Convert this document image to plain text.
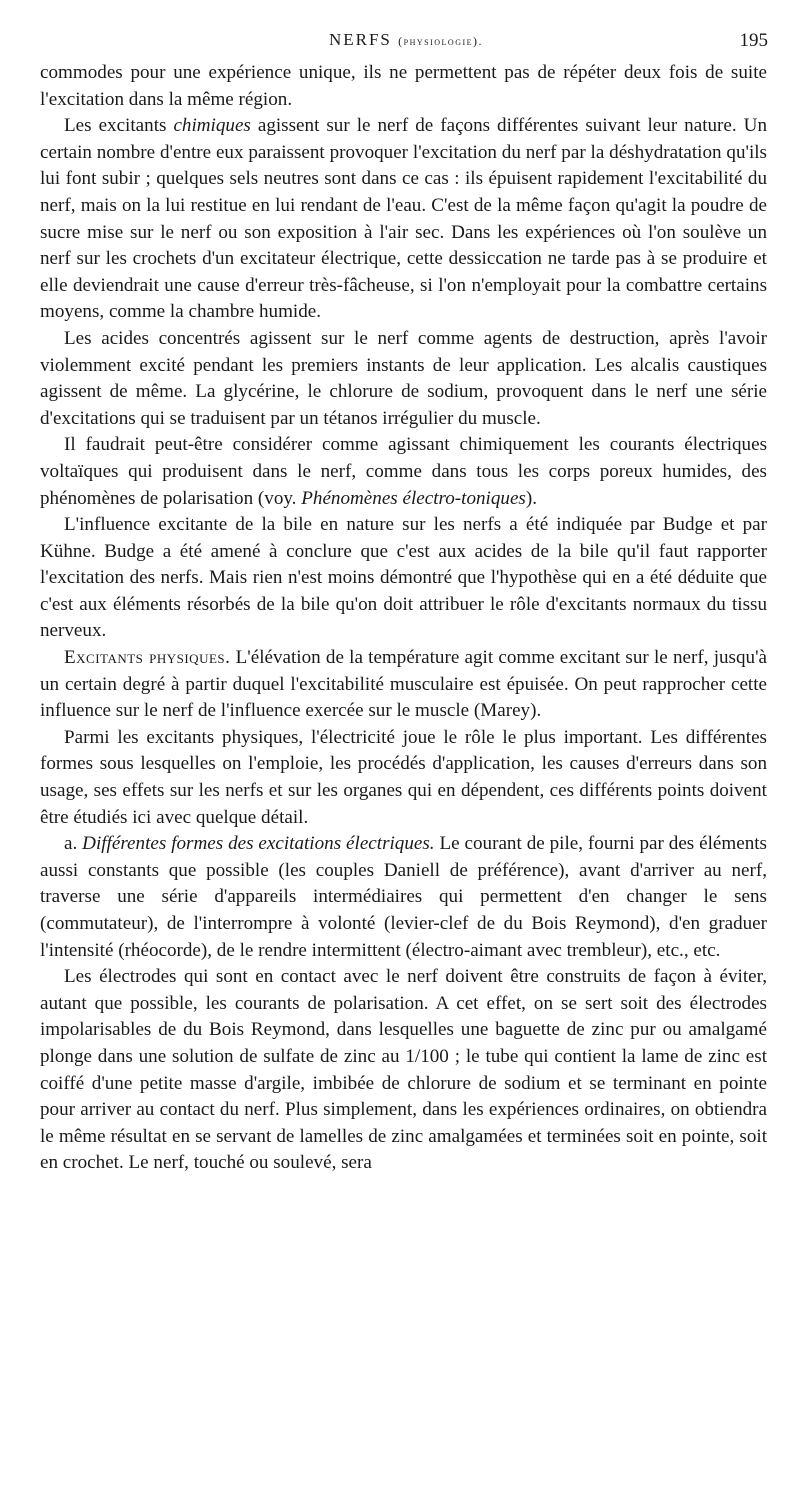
NERFS (physiologie).	195

commodes pour une expérience unique, ils ne permettent pas de répéter deux fois de suite l'excitation dans la même région.

Les excitants chimiques agissent sur le nerf de façons différentes suivant leur nature. Un certain nombre d'entre eux paraissent provoquer l'excitation du nerf par la déshydratation qu'ils lui font subir ; quelques sels neutres sont dans ce cas : ils épuisent rapidement l'excitabilité du nerf, mais on la lui restitue en lui rendant de l'eau. C'est de la même façon qu'agit la poudre de sucre mise sur le nerf ou son exposition à l'air sec. Dans les expériences où l'on soulève un nerf sur les crochets d'un excitateur électrique, cette dessiccation ne tarde pas à se produire et elle deviendrait une cause d'erreur très-fâcheuse, si l'on n'employait pour la combattre certains moyens, comme la chambre humide.

Les acides concentrés agissent sur le nerf comme agents de destruction, après l'avoir violemment excité pendant les premiers instants de leur application. Les alcalis caustiques agissent de même. La glycérine, le chlorure de sodium, provoquent dans le nerf une série d'excitations qui se traduisent par un tétanos irrégulier du muscle.

Il faudrait peut-être considérer comme agissant chimiquement les courants électriques voltaïques qui produisent dans le nerf, comme dans tous les corps poreux humides, des phénomènes de polarisation (voy. Phénomènes électro-toniques).

L'influence excitante de la bile en nature sur les nerfs a été indiquée par Budge et par Kühne. Budge a été amené à conclure que c'est aux acides de la bile qu'il faut rapporter l'excitation des nerfs. Mais rien n'est moins démontré que l'hypothèse qui en a été déduite que c'est aux éléments résorbés de la bile qu'on doit attribuer le rôle d'excitants normaux du tissu nerveux.

Excitants physiques. L'élévation de la température agit comme excitant sur le nerf, jusqu'à un certain degré à partir duquel l'excitabilité musculaire est épuisée. On peut rapprocher cette influence sur le nerf de l'influence exercée sur le muscle (Marey).

Parmi les excitants physiques, l'électricité joue le rôle le plus important. Les différentes formes sous lesquelles on l'emploie, les procédés d'application, les causes d'erreurs dans son usage, ses effets sur les nerfs et sur les organes qui en dépendent, ces différents points doivent être étudiés ici avec quelque détail.

a. Différentes formes des excitations électriques. Le courant de pile, fourni par des éléments aussi constants que possible (les couples Daniell de préférence), avant d'arriver au nerf, traverse une série d'appareils intermédiaires qui permettent d'en changer le sens (commutateur), de l'interrompre à volonté (levier-clef de du Bois Reymond), d'en graduer l'intensité (rhéocorde), de le rendre intermittent (électro-aimant avec trembleur), etc., etc.

Les électrodes qui sont en contact avec le nerf doivent être construits de façon à éviter, autant que possible, les courants de polarisation. A cet effet, on se sert soit des électrodes impolarisables de du Bois Reymond, dans lesquelles une baguette de zinc pur ou amalgamé plonge dans une solution de sulfate de zinc au 1/100 ; le tube qui contient la lame de zinc est coiffé d'une petite masse d'argile, imbibée de chlorure de sodium et se terminant en pointe pour arriver au contact du nerf. Plus simplement, dans les expériences ordinaires, on obtiendra le même résultat en se servant de lamelles de zinc amalgamées et terminées soit en pointe, soit en crochet. Le nerf, touché ou soulevé, sera
